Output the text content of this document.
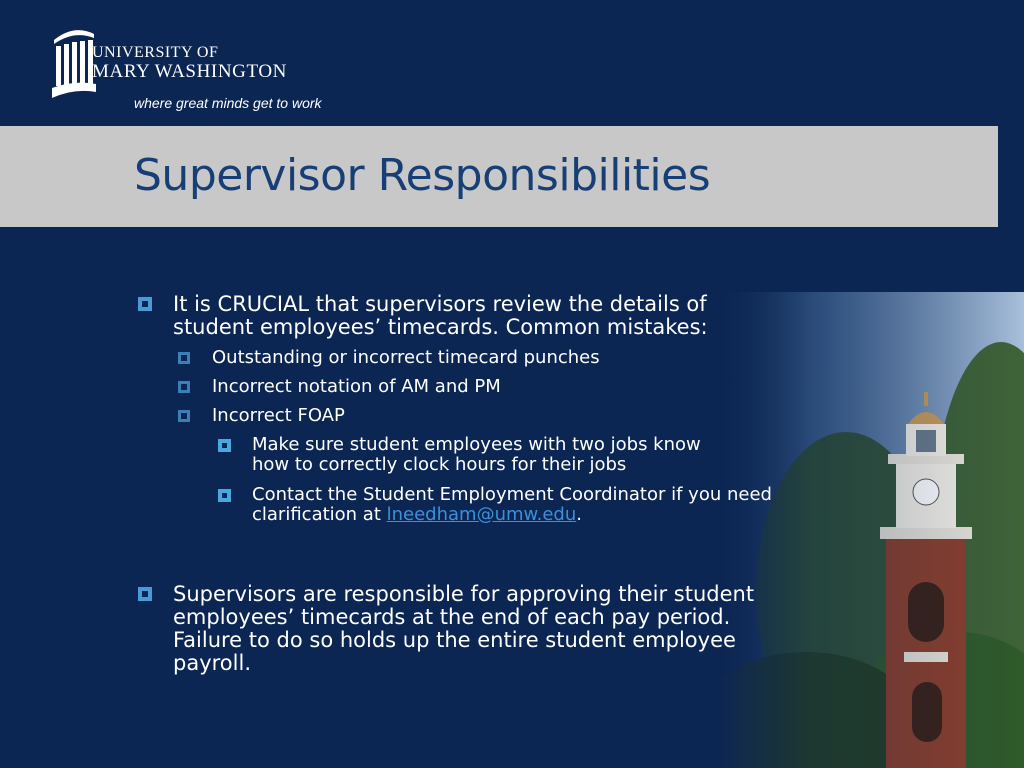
UNIVERSITY OF
MARY WASHINGTON
where great minds get to work
Supervisor Responsibilities
It is CRUCIAL that supervisors review the details of student employees’ timecards. Common mistakes:
Outstanding or incorrect timecard punches
Incorrect notation of AM and PM
Incorrect FOAP
Make sure student employees with two jobs know how to correctly clock hours for their jobs
Contact the Student Employment Coordinator if you need clarification at lneedham@umw.edu.
Supervisors are responsible for approving their student employees’ timecards at the end of each pay period. Failure to do so holds up the entire student employee payroll.
